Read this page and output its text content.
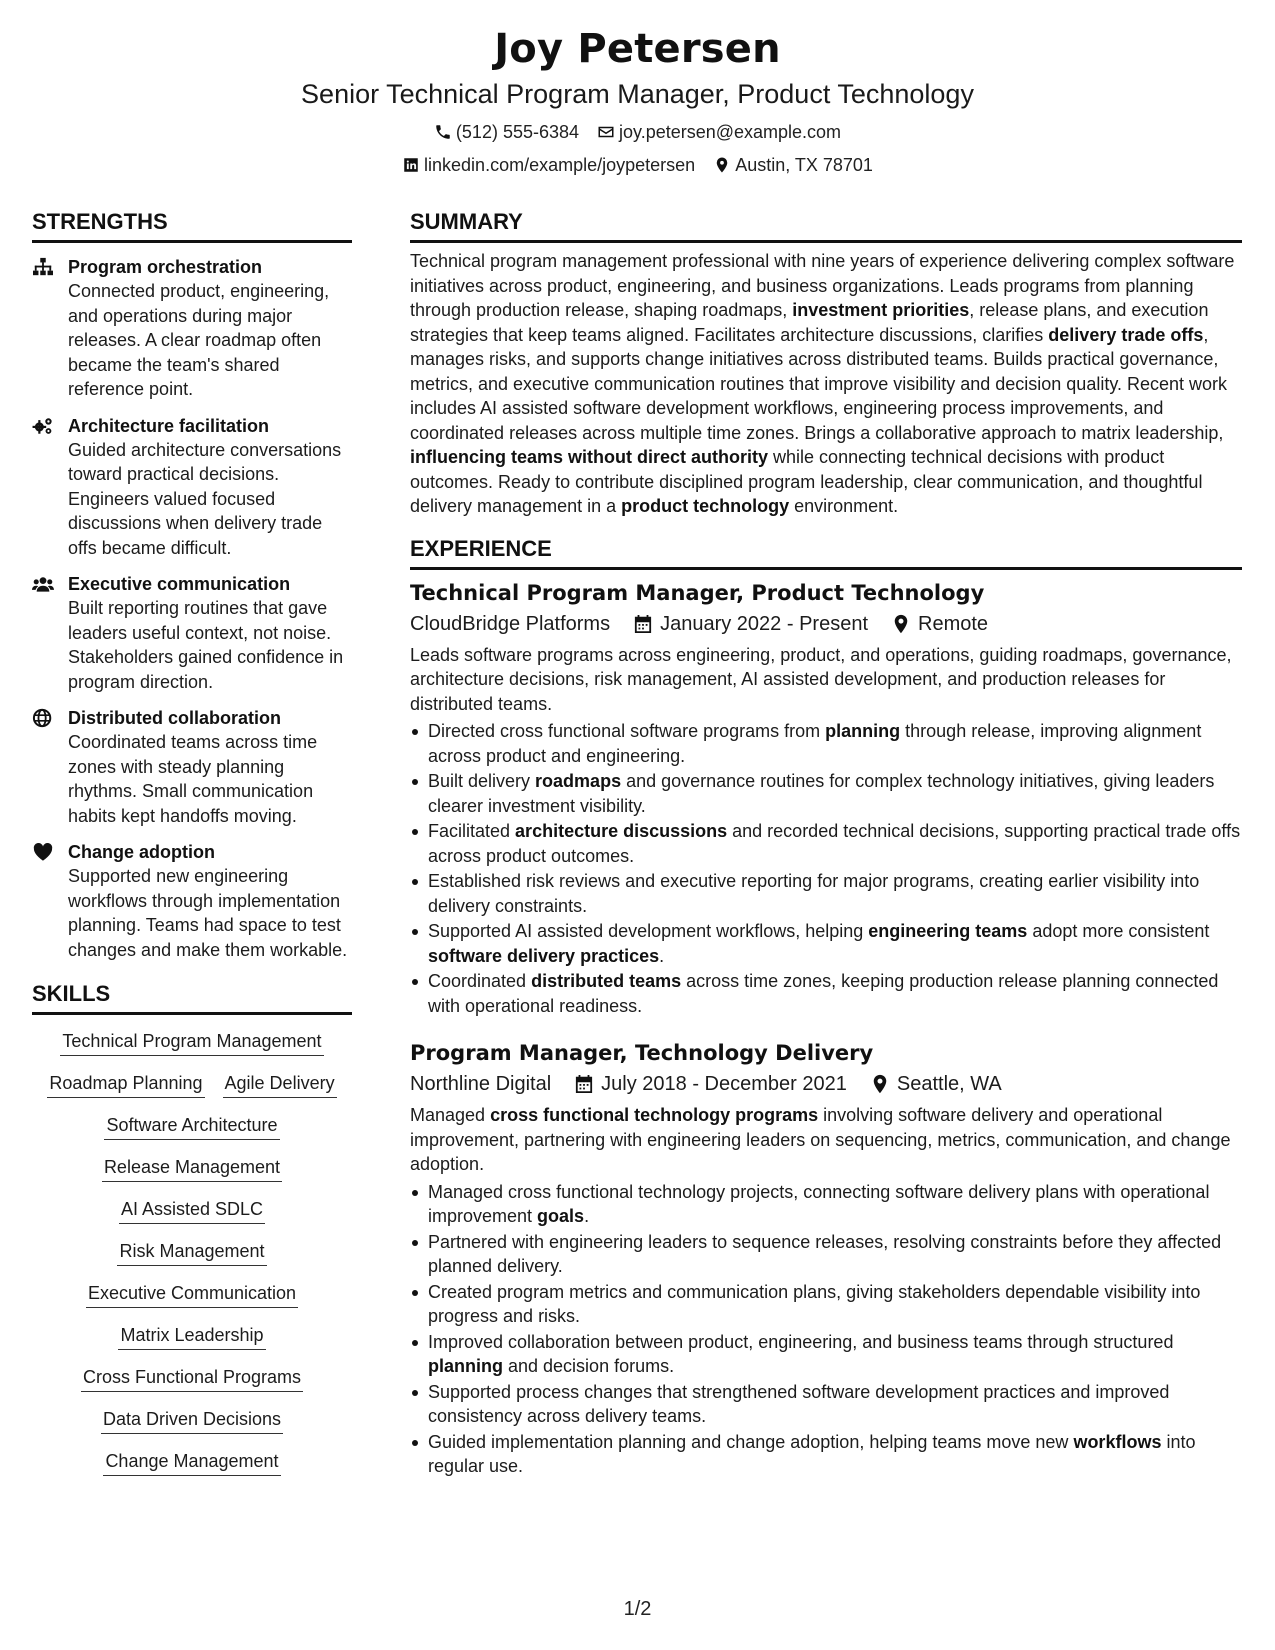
Joy Petersen
Senior Technical Program Manager, Product Technology
(512) 555-6384 joy.petersen@example.com
linkedin.com/example/joypetersen Austin, TX 78701
STRENGTHS
Program orchestration
Connected product, engineering, and operations during major releases. A clear roadmap often became the team's shared reference point.
Architecture facilitation
Guided architecture conversations toward practical decisions. Engineers valued focused discussions when delivery trade offs became difficult.
Executive communication
Built reporting routines that gave leaders useful context, not noise. Stakeholders gained confidence in program direction.
Distributed collaboration
Coordinated teams across time zones with steady planning rhythms. Small communication habits kept handoffs moving.
Change adoption
Supported new engineering workflows through implementation planning. Teams had space to test changes and make them workable.
SKILLS
Technical Program Management
Roadmap Planning Agile Delivery
Software Architecture
Release Management
AI Assisted SDLC
Risk Management
Executive Communication
Matrix Leadership
Cross Functional Programs
Data Driven Decisions
Change Management
SUMMARY
Technical program management professional with nine years of experience delivering complex software initiatives across product, engineering, and business organizations. Leads programs from planning through production release, shaping roadmaps, investment priorities, release plans, and execution strategies that keep teams aligned. Facilitates architecture discussions, clarifies delivery trade offs, manages risks, and supports change initiatives across distributed teams. Builds practical governance, metrics, and executive communication routines that improve visibility and decision quality. Recent work includes AI assisted software development workflows, engineering process improvements, and coordinated releases across multiple time zones. Brings a collaborative approach to matrix leadership, influencing teams without direct authority while connecting technical decisions with product outcomes. Ready to contribute disciplined program leadership, clear communication, and thoughtful delivery management in a product technology environment.
EXPERIENCE
Technical Program Manager, Product Technology
CloudBridge Platforms	January 2022 - Present	Remote
Leads software programs across engineering, product, and operations, guiding roadmaps, governance, architecture decisions, risk management, AI assisted development, and production releases for distributed teams.
Directed cross functional software programs from planning through release, improving alignment across product and engineering.
Built delivery roadmaps and governance routines for complex technology initiatives, giving leaders clearer investment visibility.
Facilitated architecture discussions and recorded technical decisions, supporting practical trade offs across product outcomes.
Established risk reviews and executive reporting for major programs, creating earlier visibility into delivery constraints.
Supported AI assisted development workflows, helping engineering teams adopt more consistent software delivery practices.
Coordinated distributed teams across time zones, keeping production release planning connected with operational readiness.
Program Manager, Technology Delivery
Northline Digital	July 2018 - December 2021	Seattle, WA
Managed cross functional technology programs involving software delivery and operational improvement, partnering with engineering leaders on sequencing, metrics, communication, and change adoption.
Managed cross functional technology projects, connecting software delivery plans with operational improvement goals.
Partnered with engineering leaders to sequence releases, resolving constraints before they affected planned delivery.
Created program metrics and communication plans, giving stakeholders dependable visibility into progress and risks.
Improved collaboration between product, engineering, and business teams through structured planning and decision forums.
Supported process changes that strengthened software development practices and improved consistency across delivery teams.
Guided implementation planning and change adoption, helping teams move new workflows into regular use.
1/2
